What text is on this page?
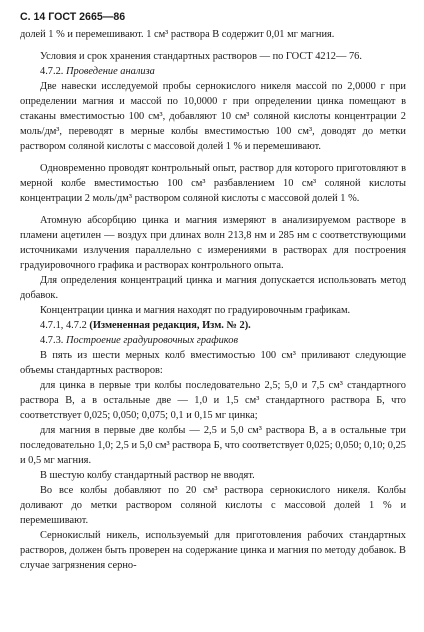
С. 14 ГОСТ 2665—86

долей 1 % и перемешивают. 1 см³ раствора В содержит 0,01 мг магния.

Условия и срок хранения стандартных растворов — по ГОСТ 4212— 76.

4.7.2. Проведение анализа

Две навески исследуемой пробы сернокислого никеля массой по 2,0000 г при определении магния и массой по 10,0000 г при определении цинка помещают в стаканы вместимостью 100 см³, добавляют 10 см³ соляной кислоты концентрации 2 моль/дм³, переводят в мерные колбы вместимостью 100 см³, доводят до метки раствором соляной кислоты с массовой долей 1 % и перемешивают.

Одновременно проводят контрольный опыт, раствор для которого приготовляют в мерной колбе вместимостью 100 см³ разбавлением 10 см³ соляной кислоты концентрации 2 моль/дм³ раствором соляной кислоты с массовой долей 1 %.

Атомную абсорбцию цинка и магния измеряют в анализируемом растворе в пламени ацетилен — воздух при длинах волн 213,8 нм и 285 нм с соответствующими источниками излучения параллельно с измерениями в растворах для построения градуировочного графика и растворах контрольного опыта.

Для определения концентраций цинка и магния допускается использовать метод добавок.

Концентрации цинка и магния находят по градуировочным графикам.

4.7.1, 4.7.2 (Измененная редакция, Изм. № 2).

4.7.3. Построение градуировочных графиков

В пять из шести мерных колб вместимостью 100 см³ приливают следующие объемы стандартных растворов:

для цинка в первые три колбы последовательно 2,5; 5,0 и 7,5 см³ стандартного раствора В, а в остальные две — 1,0 и 1,5 см³ стандартного раствора Б, что соответствует 0,025; 0,050; 0,075; 0,1 и 0,15 мг цинка;

для магния в первые две колбы — 2,5 и 5,0 см³ раствора В, а в остальные три последовательно 1,0; 2,5 и 5,0 см³ раствора Б, что соответствует 0,025; 0,050; 0,10; 0,25 и 0,5 мг магния.

В шестую колбу стандартный раствор не вводят.

Во все колбы добавляют по 20 см³ раствора сернокислого никеля. Колбы доливают до метки раствором соляной кислоты с массовой долей 1 % и перемешивают.

Сернокислый никель, используемый для приготовления рабочих стандартных растворов, должен быть проверен на содержание цинка и магния по методу добавок. В случае загрязнения серно-
